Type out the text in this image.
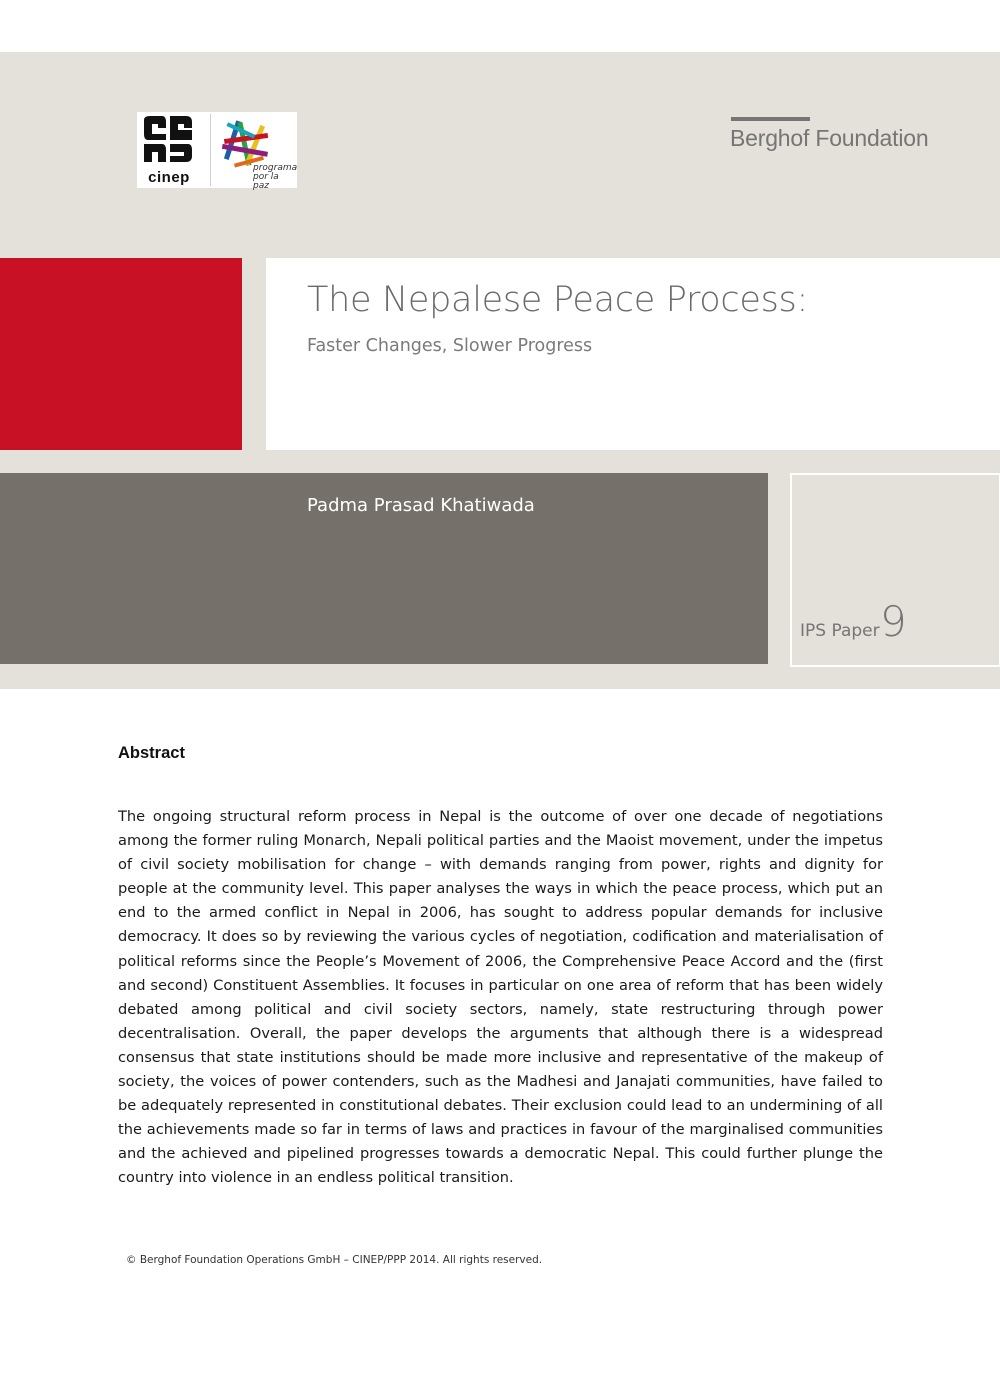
cinep
programa por la paz
Berghof Foundation
The Nepalese Peace Process:
Faster Changes, Slower Progress
Padma Prasad Khatiwada
IPS Paper 9
Abstract
The ongoing structural reform process in Nepal is the outcome of over one decade of negotiations among the former ruling Monarch, Nepali political parties and the Maoist movement, under the impetus of civil society mobilisation for change – with demands ranging from power, rights and dignity for people at the community level. This paper analyses the ways in which the peace process, which put an end to the armed conflict in Nepal in 2006, has sought to address popular demands for inclusive democracy. It does so by reviewing the various cycles of negotiation, codification and materialisation of political reforms since the People’s Movement of 2006, the Comprehensive Peace Accord and the (first and second) Constituent Assemblies. It focuses in particular on one area of reform that has been widely debated among political and civil society sectors, namely, state restructuring through power decentralisation. Overall, the paper develops the arguments that although there is a widespread consensus that state institutions should be made more inclusive and representative of the makeup of society, the voices of power contenders, such as the Madhesi and Janajati communities, have failed to be adequately represented in constitutional debates. Their exclusion could lead to an undermining of all the achievements made so far in terms of laws and practices in favour of the marginalised communities and the achieved and pipelined progresses towards a democratic Nepal. This could further plunge the country into violence in an endless political transition.
© Berghof Foundation Operations GmbH – CINEP/PPP 2014. All rights reserved.
